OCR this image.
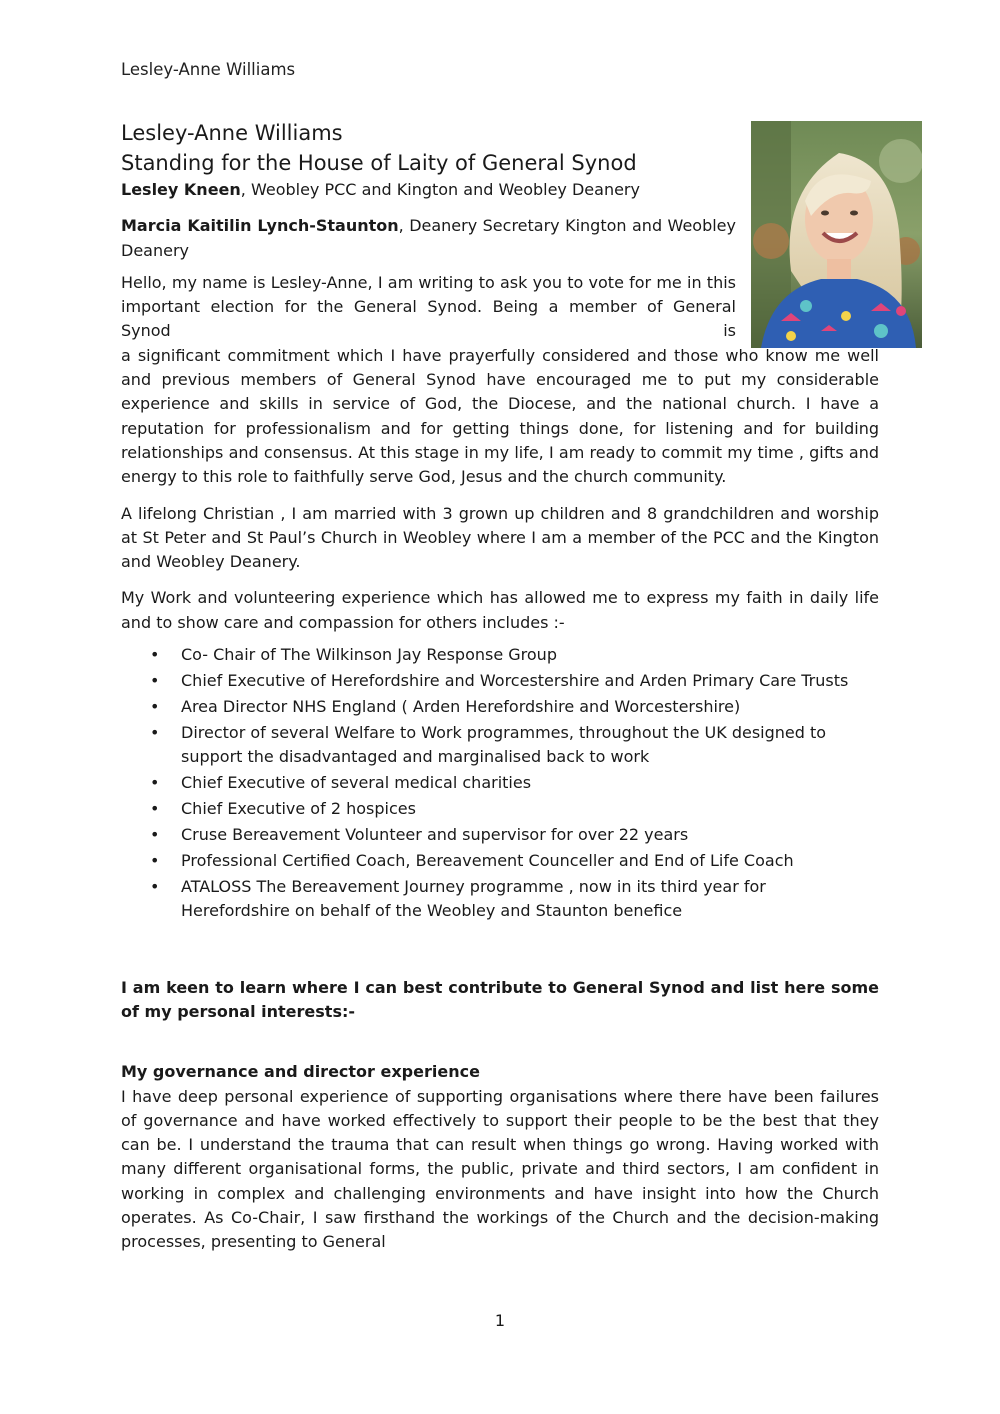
Lesley-Anne Williams

Lesley-Anne Williams

Standing for the House of Laity of General Synod

Lesley Kneen, Weobley PCC and Kington and Weobley Deanery

Marcia Kaitilin Lynch-Staunton, Deanery Secretary Kington and Weobley Deanery

Hello, my name is Lesley-Anne, I am writing to ask you to vote for me in this
important election for the General Synod. Being a member of General Synod is
a significant commitment which I have prayerfully considered and those who know me well and previous members of General Synod have encouraged me to put my considerable experience and skills in service of God, the Diocese, and the national church. I have a reputation for professionalism and for getting things done, for listening and for building relationships and consensus. At this stage in my life, I am ready to commit my time , gifts and energy to this role to faithfully serve God, Jesus and the church community.

A lifelong Christian , I am married with 3 grown up children and 8 grandchildren and worship at St Peter and St Paul’s Church in Weobley where I am a member of the PCC and the Kington and Weobley Deanery.

My Work and volunteering experience which has allowed me to express my faith in daily life and to show care and compassion for others includes :-

• Co- Chair of The Wilkinson Jay Response Group
• Chief Executive of Herefordshire and Worcestershire and Arden Primary Care Trusts
• Area Director NHS England ( Arden Herefordshire and Worcestershire)
• Director of several Welfare to Work programmes, throughout the UK designed to support the disadvantaged and marginalised back to work
• Chief Executive of several medical charities
• Chief Executive of 2 hospices
• Cruse Bereavement Volunteer and supervisor for over 22 years
• Professional Certified Coach, Bereavement Counceller and End of Life Coach
• ATALOSS The Bereavement Journey programme , now in its third year for Herefordshire on behalf of the Weobley and Staunton benefice

I am keen to learn where I can best contribute to General Synod and list here some of my personal interests:-

My governance and director experience

I have deep personal experience of supporting organisations where there have been failures of governance and have worked effectively to support their people to be the best that they can be. I understand the trauma that can result when things go wrong. Having worked with many different organisational forms, the public, private and third sectors, I am confident in working in complex and challenging environments and have insight into how the Church operates. As Co-Chair, I saw firsthand the workings of the Church and the decision-making processes, presenting to General

1
